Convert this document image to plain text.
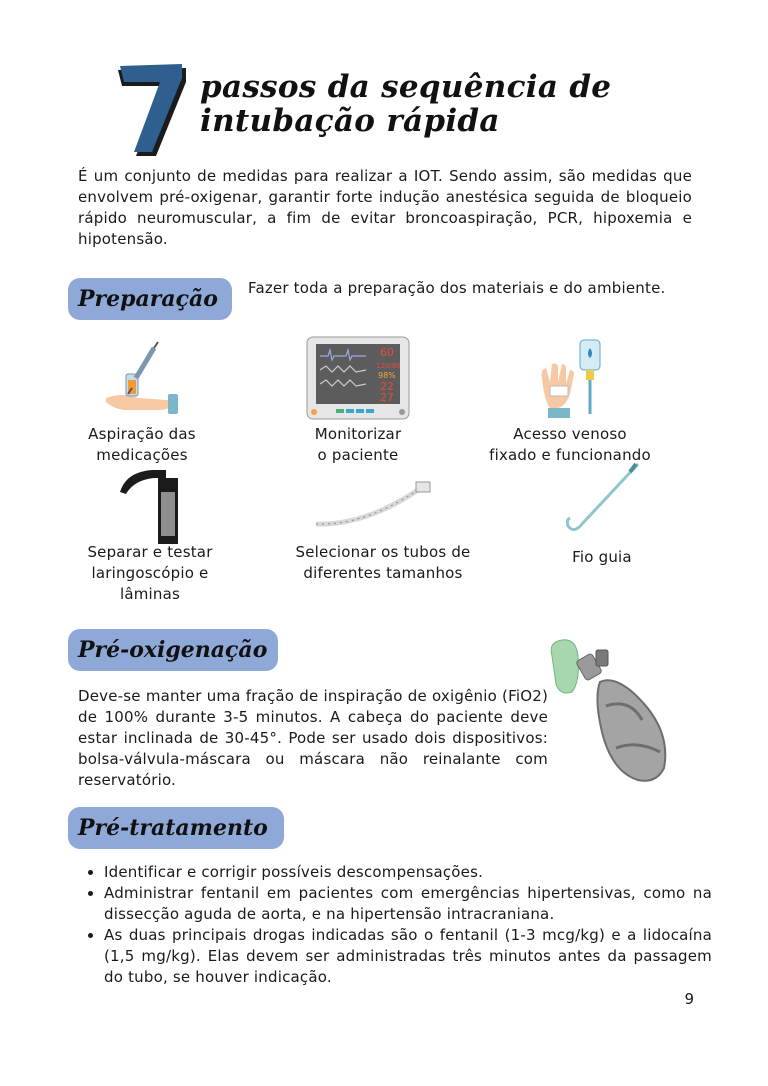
7
passos da sequência de
intubação rápida
É um conjunto de medidas para realizar a IOT. Sendo assim, são medidas que envolvem pré-oxigenar, garantir forte indução anestésica seguida de bloqueio rápido neuromuscular, a fim de evitar broncoaspiração, PCR, hipoxemia e hipotensão.
Preparação	Fazer toda a preparação dos materiais e do ambiente.
60
120/80
98%
22
27
Aspiração das
medicações
Monitorizar
o paciente
Acesso venoso
fixado e funcionando
Separar e testar
laringoscópio e
lâminas
Selecionar os tubos de
diferentes tamanhos
Fio guia
Pré-oxigenação
Deve-se manter uma fração de inspiração de oxigênio (FiO2) de 100% durante 3-5 minutos. A cabeça do paciente deve estar inclinada de 30-45°. Pode ser usado dois dispositivos: bolsa-válvula-máscara ou máscara não reinalante com reservatório.
Pré-tratamento
• Identificar e corrigir possíveis descompensações.
• Administrar fentanil em pacientes com emergências hipertensivas, como na dissecção aguda de aorta, e na hipertensão intracraniana.
• As duas principais drogas indicadas são o fentanil (1-3 mcg/kg) e a lidocaína (1,5 mg/kg). Elas devem ser administradas três minutos antes da passagem do tubo, se houver indicação.
9
